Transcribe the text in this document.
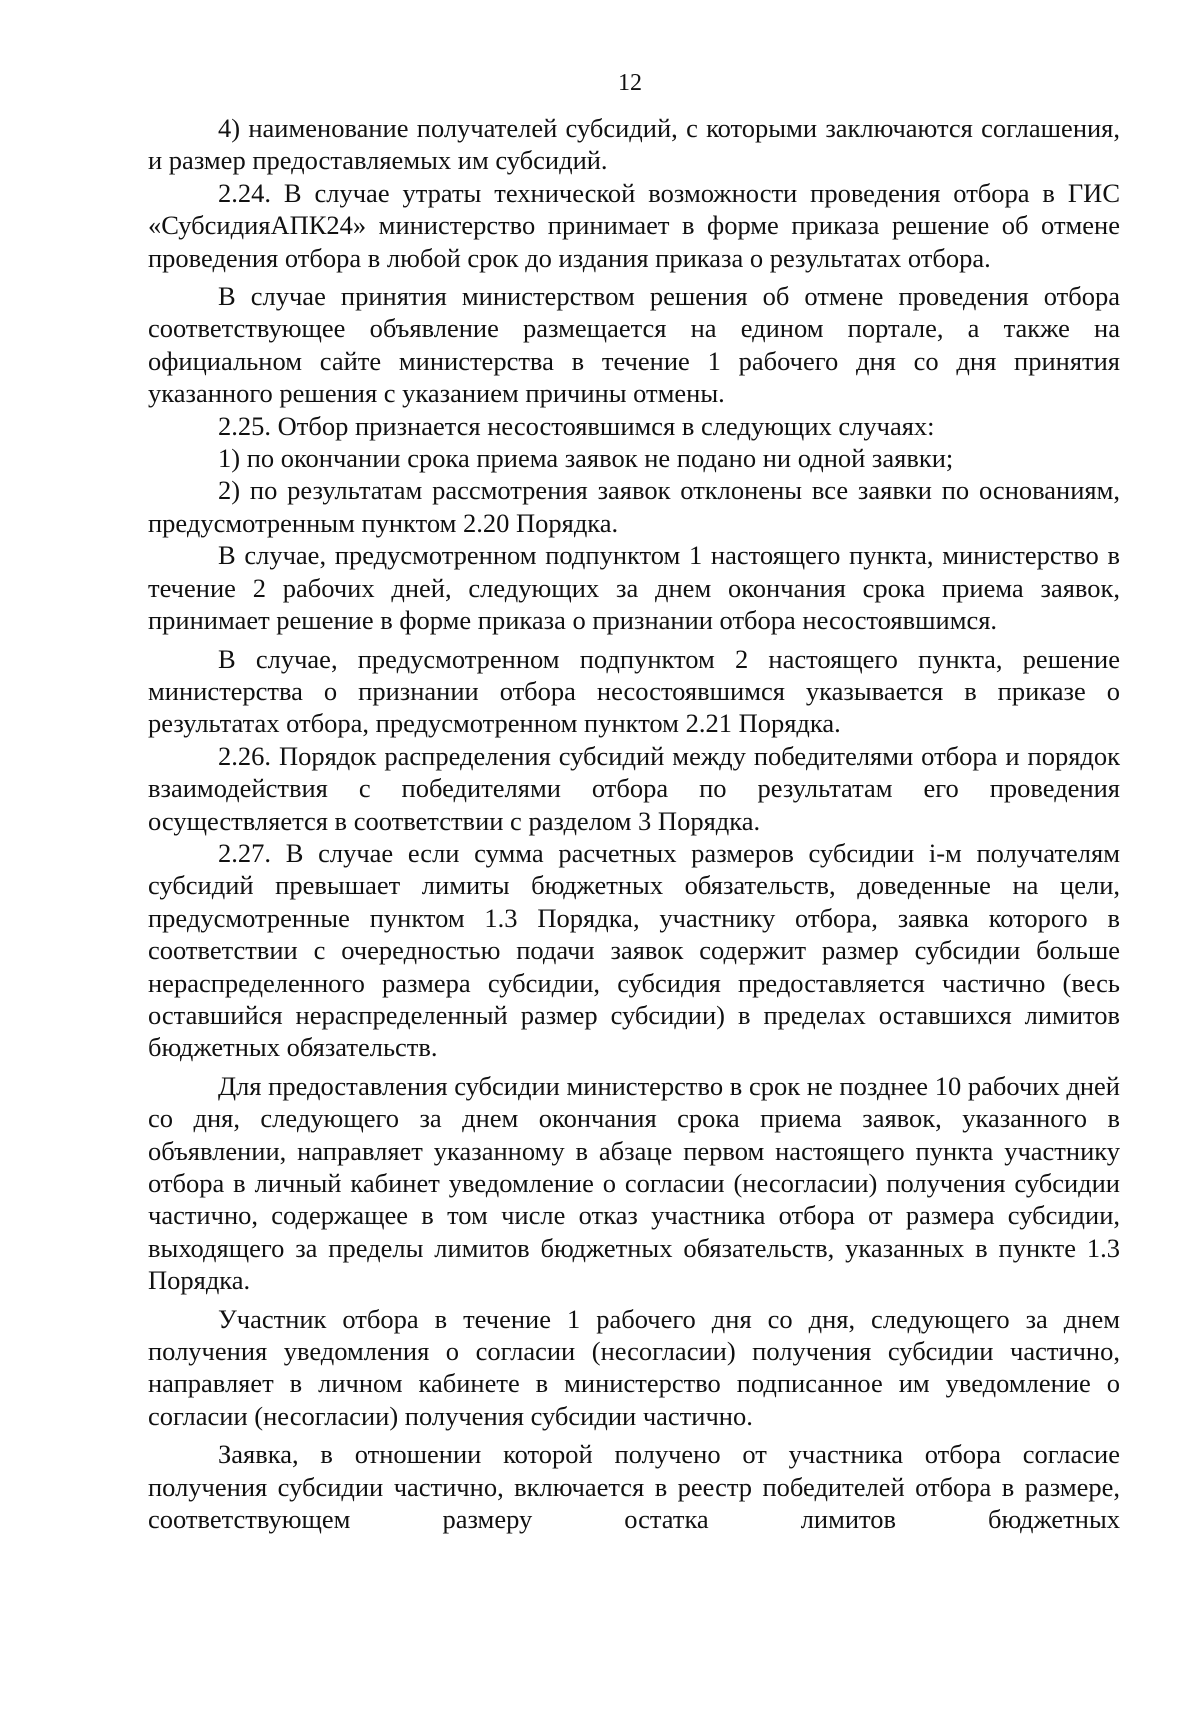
12

4) наименование получателей субсидий, с которыми заключаются соглашения, и размер предоставляемых им субсидий.

2.24. В случае утраты технической возможности проведения отбора в ГИС «СубсидияАПК24» министерство принимает в форме приказа решение об отмене проведения отбора в любой срок до издания приказа о результатах отбора.

В случае принятия министерством решения об отмене проведения отбора соответствующее объявление размещается на едином портале, а также на официальном сайте министерства в течение 1 рабочего дня со дня принятия указанного решения с указанием причины отмены.

2.25. Отбор признается несостоявшимся в следующих случаях:

1) по окончании срока приема заявок не подано ни одной заявки;

2) по результатам рассмотрения заявок отклонены все заявки по основаниям, предусмотренным пунктом 2.20 Порядка.

В случае, предусмотренном подпунктом 1 настоящего пункта, министерство в течение 2 рабочих дней, следующих за днем окончания срока приема заявок, принимает решение в форме приказа о признании отбора несостоявшимся.

В случае, предусмотренном подпунктом 2 настоящего пункта, решение министерства о признании отбора несостоявшимся указывается в приказе о результатах отбора, предусмотренном пунктом 2.21 Порядка.

2.26. Порядок распределения субсидий между победителями отбора и порядок взаимодействия с победителями отбора по результатам его проведения осуществляется в соответствии с разделом 3 Порядка.

2.27. В случае если сумма расчетных размеров субсидии i-м получателям субсидий превышает лимиты бюджетных обязательств, доведенные на цели, предусмотренные пунктом 1.3 Порядка, участнику отбора, заявка которого в соответствии с очередностью подачи заявок содержит размер субсидии больше нераспределенного размера субсидии, субсидия предоставляется частично (весь оставшийся нераспределенный размер субсидии) в пределах оставшихся лимитов бюджетных обязательств.

Для предоставления субсидии министерство в срок не позднее 10 рабочих дней со дня, следующего за днем окончания срока приема заявок, указанного в объявлении, направляет указанному в абзаце первом настоящего пункта участнику отбора в личный кабинет уведомление о согласии (несогласии) получения субсидии частично, содержащее в том числе отказ участника отбора от размера субсидии, выходящего за пределы лимитов бюджетных обязательств, указанных в пункте 1.3 Порядка.

Участник отбора в течение 1 рабочего дня со дня, следующего за днем получения уведомления о согласии (несогласии) получения субсидии частично, направляет в личном кабинете в министерство подписанное им уведомление о согласии (несогласии) получения субсидии частично.

Заявка, в отношении которой получено от участника отбора согласие получения субсидии частично, включается в реестр победителей отбора в размере, соответствующем размеру остатка лимитов бюджетных
